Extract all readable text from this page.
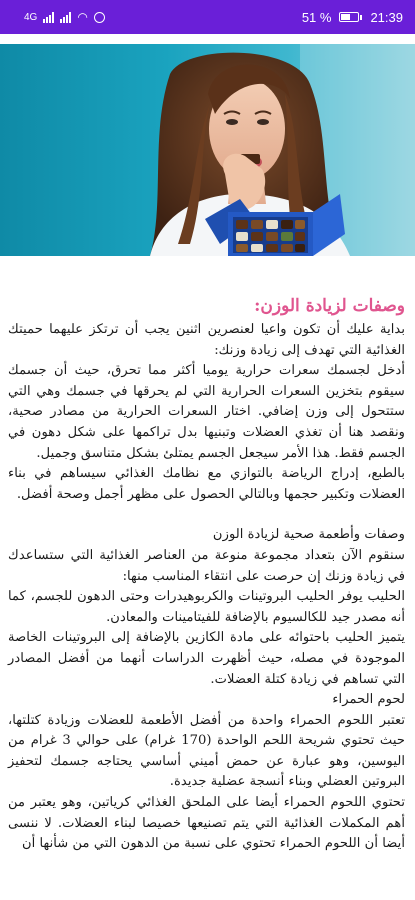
4G	◠	51 %	21:39
وصفات لزيادة الوزن:

بداية عليك أن تكون واعيا لعنصرين اثنين يجب أن ترتكز عليهما حميتك الغذائية التي تهدف إلى زيادة وزنك:

أدخل لجسمك سعرات حرارية يوميا أكثر مما تحرق، حيث أن جسمك سيقوم بتخزين السعرات الحرارية التي لم يحرقها في جسمك وهي التي ستتحول إلى وزن إضافي. اختار السعرات الحرارية من مصادر صحية، ونقصد هنا أن تغذي العضلات وتبنيها بدل تراكمها على شكل دهون في الجسم فقط. هذا الأمر سيجعل الجسم يمتلئ بشكل متناسق وجميل.

بالطبع، إدراج الرياضة بالتوازي مع نظامك الغذائي سيساهم في بناء العضلات وتكبير حجمها وبالتالي الحصول على مظهر أجمل وصحة أفضل.

وصفات وأطعمة صحية لزيادة الوزن

سنقوم الآن بتعداد مجموعة منوعة من العناصر الغذائية التي ستساعدك في زيادة وزنك إن حرصت على انتقاء المناسب منها:

الحليب يوفر الحليب البروتينات والكربوهيدرات وحتى الدهون للجسم، كما أنه مصدر جيد للكالسيوم بالإضافة للفيتامينات والمعادن.

يتميز الحليب باحتوائه على مادة الكازين بالإضافة إلى البروتينات الخاصة الموجودة في مصله، حيث أظهرت الدراسات أنهما من أفضل المصادر التي تساهم في زيادة كتلة العضلات.

لحوم الحمراء

تعتبر اللحوم الحمراء واحدة من أفضل الأطعمة للعضلات وزيادة كتلتها، حيث تحتوي شريحة اللحم الواحدة (170 غرام) على حوالي 3 غرام من اليوسين، وهو عبارة عن حمض أميني أساسي يحتاجه جسمك لتحفيز البروتين العضلي وبناء أنسجة عضلية جديدة.

تحتوي اللحوم الحمراء أيضا على الملحق الغذائي كرياتين، وهو يعتبر من أهم المكملات الغذائية التي يتم تصنيعها خصيصا لبناء العضلات. لا ننسى أيضا أن اللحوم الحمراء تحتوي على نسبة من الدهون التي من شأنها أن
